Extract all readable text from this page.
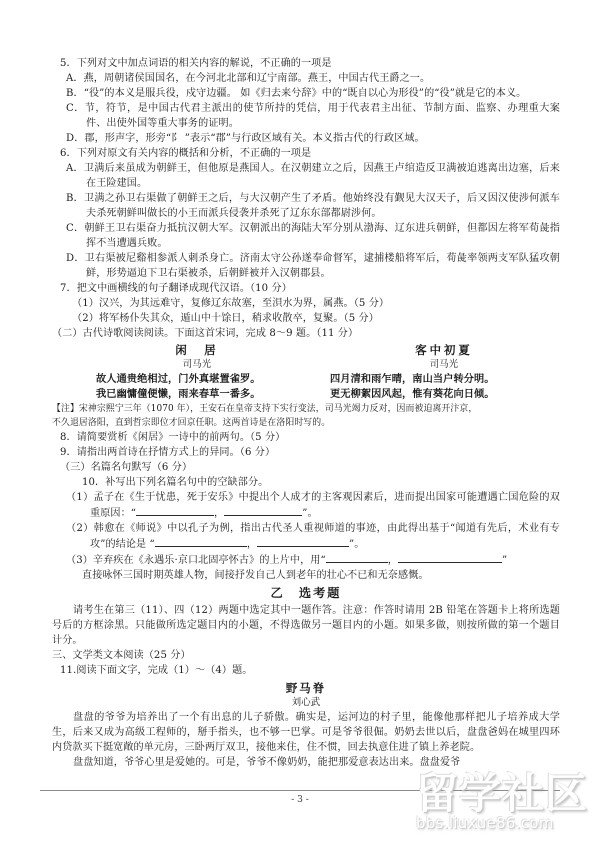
5．下列对文中加点词语的相关内容的解说，不正确的一项是
A．燕，周朝诸侯国国名，在今河北北部和辽宁南部。燕王，中国古代王爵之一。
B．“役”的本义是服兵役，戍守边疆。 如《归去来兮辞》中的“既自以心为形役”的“役”就是它的本义。
C．节，符节，是中国古代君主派出的使节所持的凭信，用于代表君主出征、节制方面、监察、办理重大案件、出使外国等重大事务的证明。
D．郡，形声字，形旁“阝 ”表示“郡”与行政区域有关。本义指古代的行政区域。
6．下列对原文有关内容的概括和分析，不正确的一项是
A．卫满后来虽成为朝鲜王，但他原是燕国人。在汉朝建立之后，因燕王卢绾造反卫满被迫逃离出边塞，后来在王险建国。
B．卫满之孙卫右渠做了朝鲜王之后，与大汉朝产生了矛盾。他始终没有觐见大汉天子，后又因汉使涉何派车夫杀死朝鲜叫做长的小王而派兵侵袭并杀死了辽东东部都尉涉何。
C．朝鲜王卫右渠奋力抵抗汉朝大军。汉朝派出的海陆大军分别从渤海、辽东进兵朝鲜，但都因左将军荀彘指挥不当遭遇兵败。
D．卫右渠被尼谿相参派人刺杀身亡。济南太守公孙遂奉命督军，逮捕楼船将军后，荀彘率领两支军队猛攻朝鲜，形势逼迫下卫右渠被杀，后朝鲜被并入汉朝郡县。
7．把文中画横线的句子翻译成现代汉语。（10 分）
（1）汉兴，为其远难守，复修辽东故塞，至浿水为界，属燕。（5 分）
（2）将军杨仆失其众，遁山中十馀日，稍求收散卒，复聚。（5 分）
（二）古代诗歌阅读阅读。下面这首宋词，完成 8～9 题。（11 分）
闲　居
司马光
故人通贵绝相过，门外真堪置雀罗。
我已幽慵僮便懒，雨来春草一番多。
客中初夏
司马光
四月清和雨乍晴，南山当户转分明。
更无柳絮因风起，惟有葵花向日倾。
【注】宋神宗熙宁三年（1070 年），王安石在皇帝支持下实行变法，司马光竭力反对，因而被迫离开汴京，
不久退居洛阳，直到哲宗即位才回京任职。这两首诗是在洛阳时写的。
8．请简要赏析《闲居》一诗中的前两句。（5 分）
9．请指出两首诗在抒情方式上的异同。（6 分）
（三）名篇名句默写（6 分）
10．补写出下列名篇名句中的空缺部分。
（1）孟子在《生于忧患，死于安乐》中提出个人成才的主客观因素后，进而提出国家可能遭遇亡国危险的双重原因：“	，	”。
（2）韩愈在《师说》中以孔子为例，指出古代圣人重视师道的事迹，由此得出基于“闻道有先后，术业有专攻”的结论是 “	，	”。
（3）辛弃疾在《永遇乐·京口北固亭怀古》的上片中，用“	，	”
直接咏怀三国时期英雄人物，间接抒发自己人到老年的壮心不已和无奈感慨。
乙　选考题
请考生在第三（11）、四（12）两题中选定其中一题作答。注意：作答时请用 2B 铅笔在答题卡上将所选题号后的方框涂黑。只能做所选定题目内的小题，不得选做另一题目内的小题。如果多做，则按所做的第一个题目计分。
三、文学类文本阅读（25 分）
11.阅读下面文字，完成（1）～（4）题。
野马脊
刘心武
盘盘的爷爷为培养出了一个有出息的儿子骄傲。确实是，运河边的村子里，能像他那样把儿子培养成大学生，后来又成为高级工程师的，掰手指头，也不够一巴掌。可是爷爷很倔。奶奶去世以后，盘盘爸妈在城里四环内贷款买下挺宽敞的单元房，三卧两厅双卫，接他来住，住不惯，回去执意住进了镇上养老院。
盘盘知道，爷爷心里是爱她的。可是，爷爷不像奶奶，能把那爱意表达出来。盘盘爱爷
- 3 -	留学社区
bbs.liuxue86.com
